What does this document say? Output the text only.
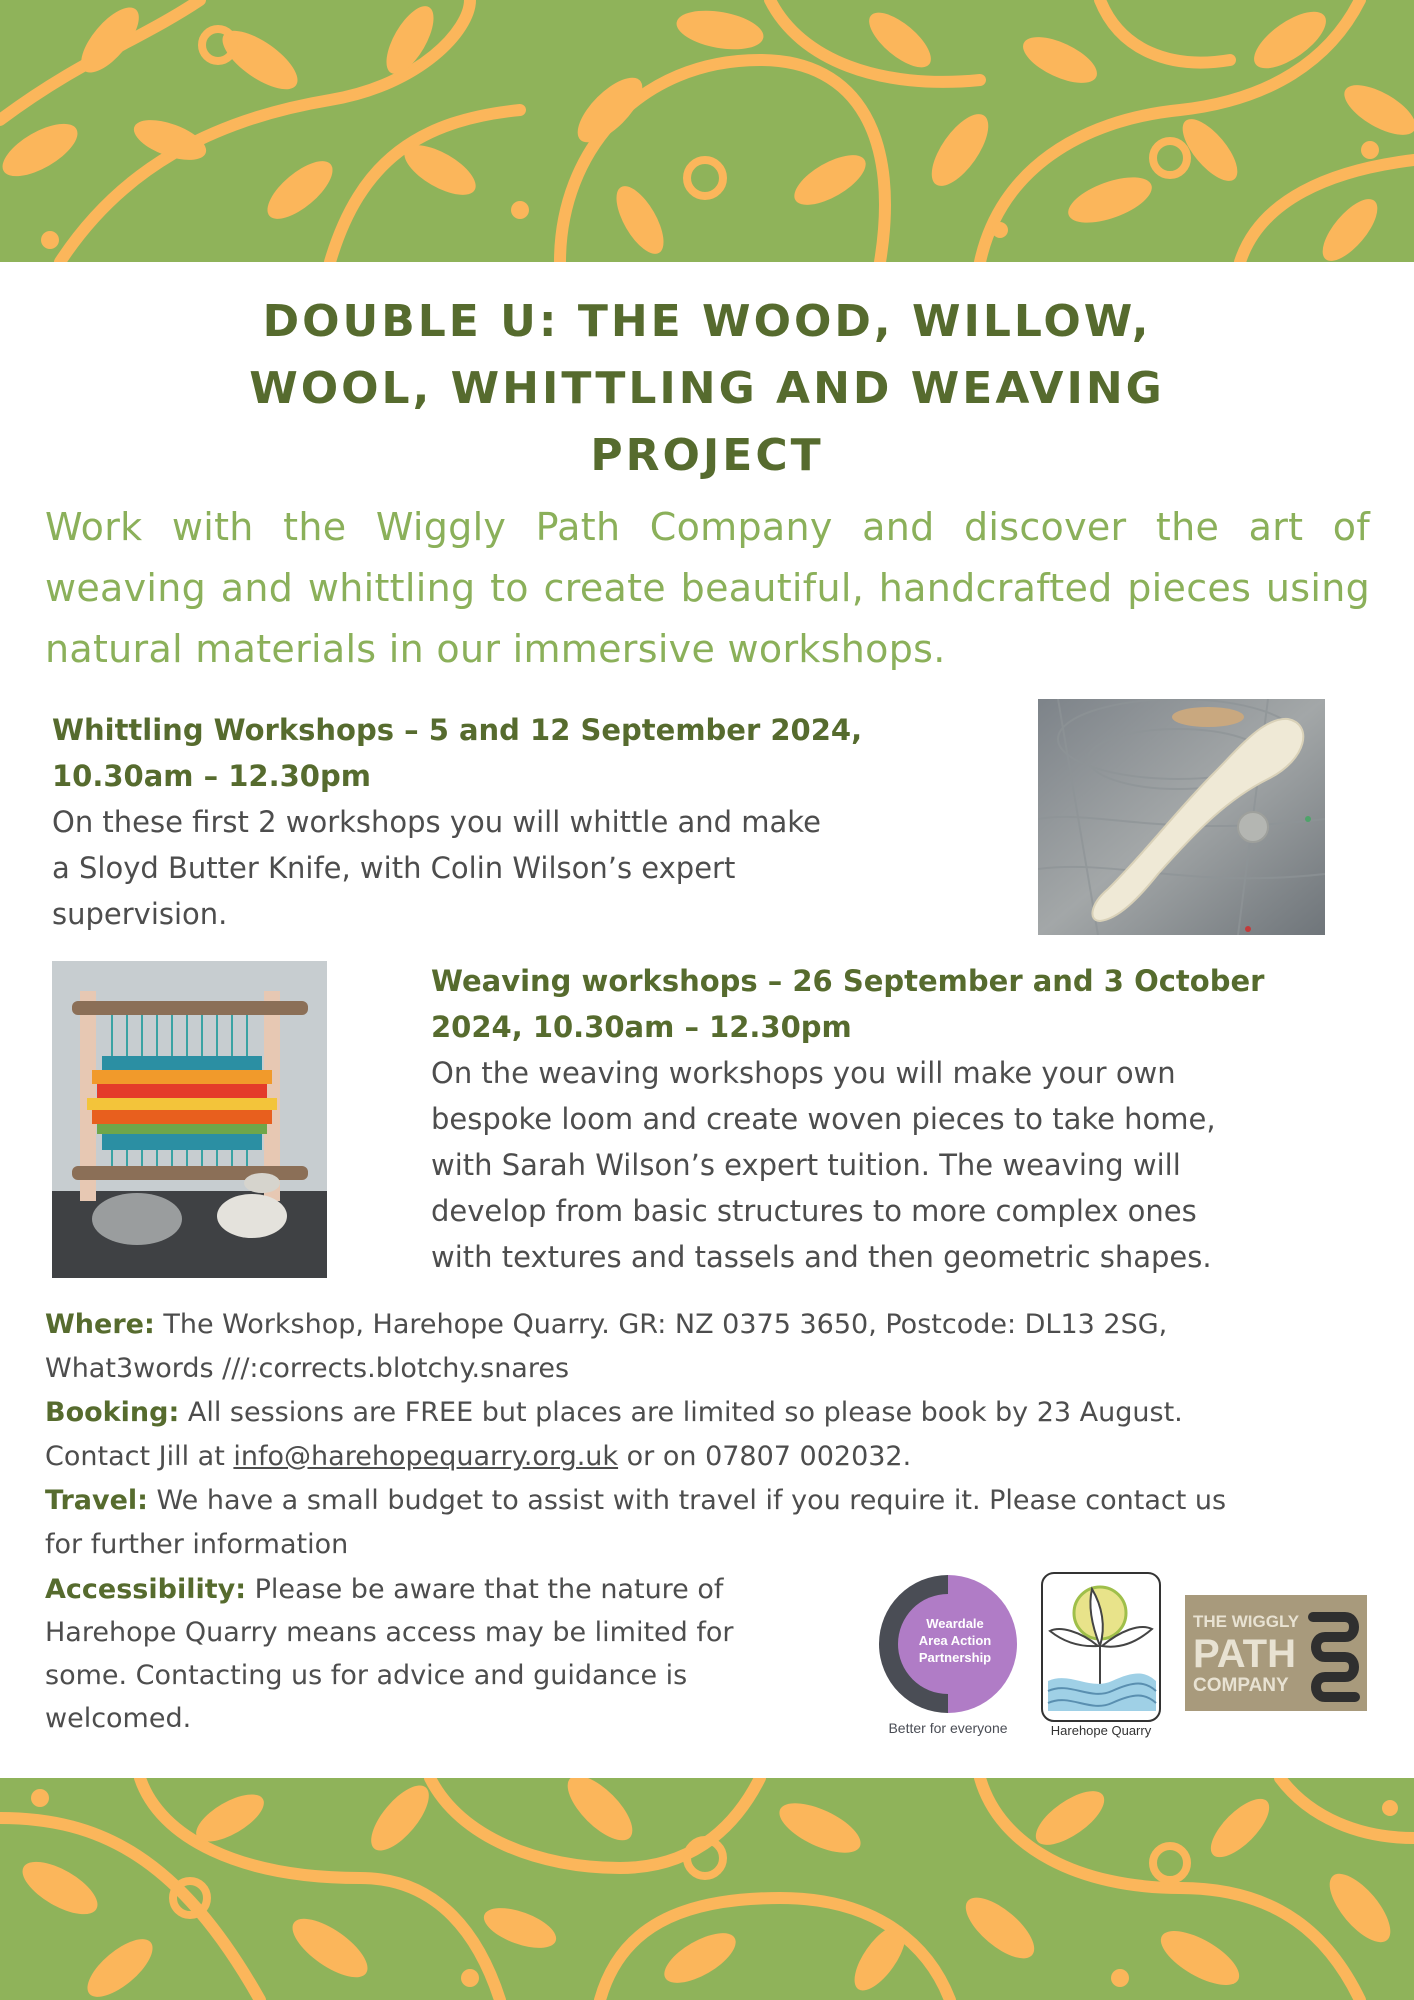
DOUBLE U: THE WOOD, WILLOW,
WOOL, WHITTLING AND WEAVING
PROJECT

Work with the Wiggly Path Company and discover the art of weaving and whittling to create beautiful, handcrafted pieces using natural materials in our immersive workshops.

Whittling Workshops – 5 and 12 September 2024,
10.30am – 12.30pm

On these first 2 workshops you will whittle and make
a Sloyd Butter Knife, with Colin Wilson’s expert
supervision.

Weaving workshops – 26 September and 3 October
2024, 10.30am – 12.30pm

On the weaving workshops you will make your own
bespoke loom and create woven pieces to take home,
with Sarah Wilson’s expert tuition. The weaving will
develop from basic structures to more complex ones
with textures and tassels and then geometric shapes.

Where: The Workshop, Harehope Quarry. GR: NZ 0375 3650, Postcode: DL13 2SG,
What3words ///:corrects.blotchy.snares

Booking: All sessions are FREE but places are limited so please book by 23 August.
Contact Jill at info@harehopequarry.org.uk or on 07807 002032.

Travel: We have a small budget to assist with travel if you require it. Please contact us
for further information

Accessibility: Please be aware that the nature of
Harehope Quarry means access may be limited for
some. Contacting us for advice and guidance is
welcomed.

Weardale
Area Action
Partnership
Better for everyone	Harehope Quarry
THE WIGGLY
PATH
COMPANY
